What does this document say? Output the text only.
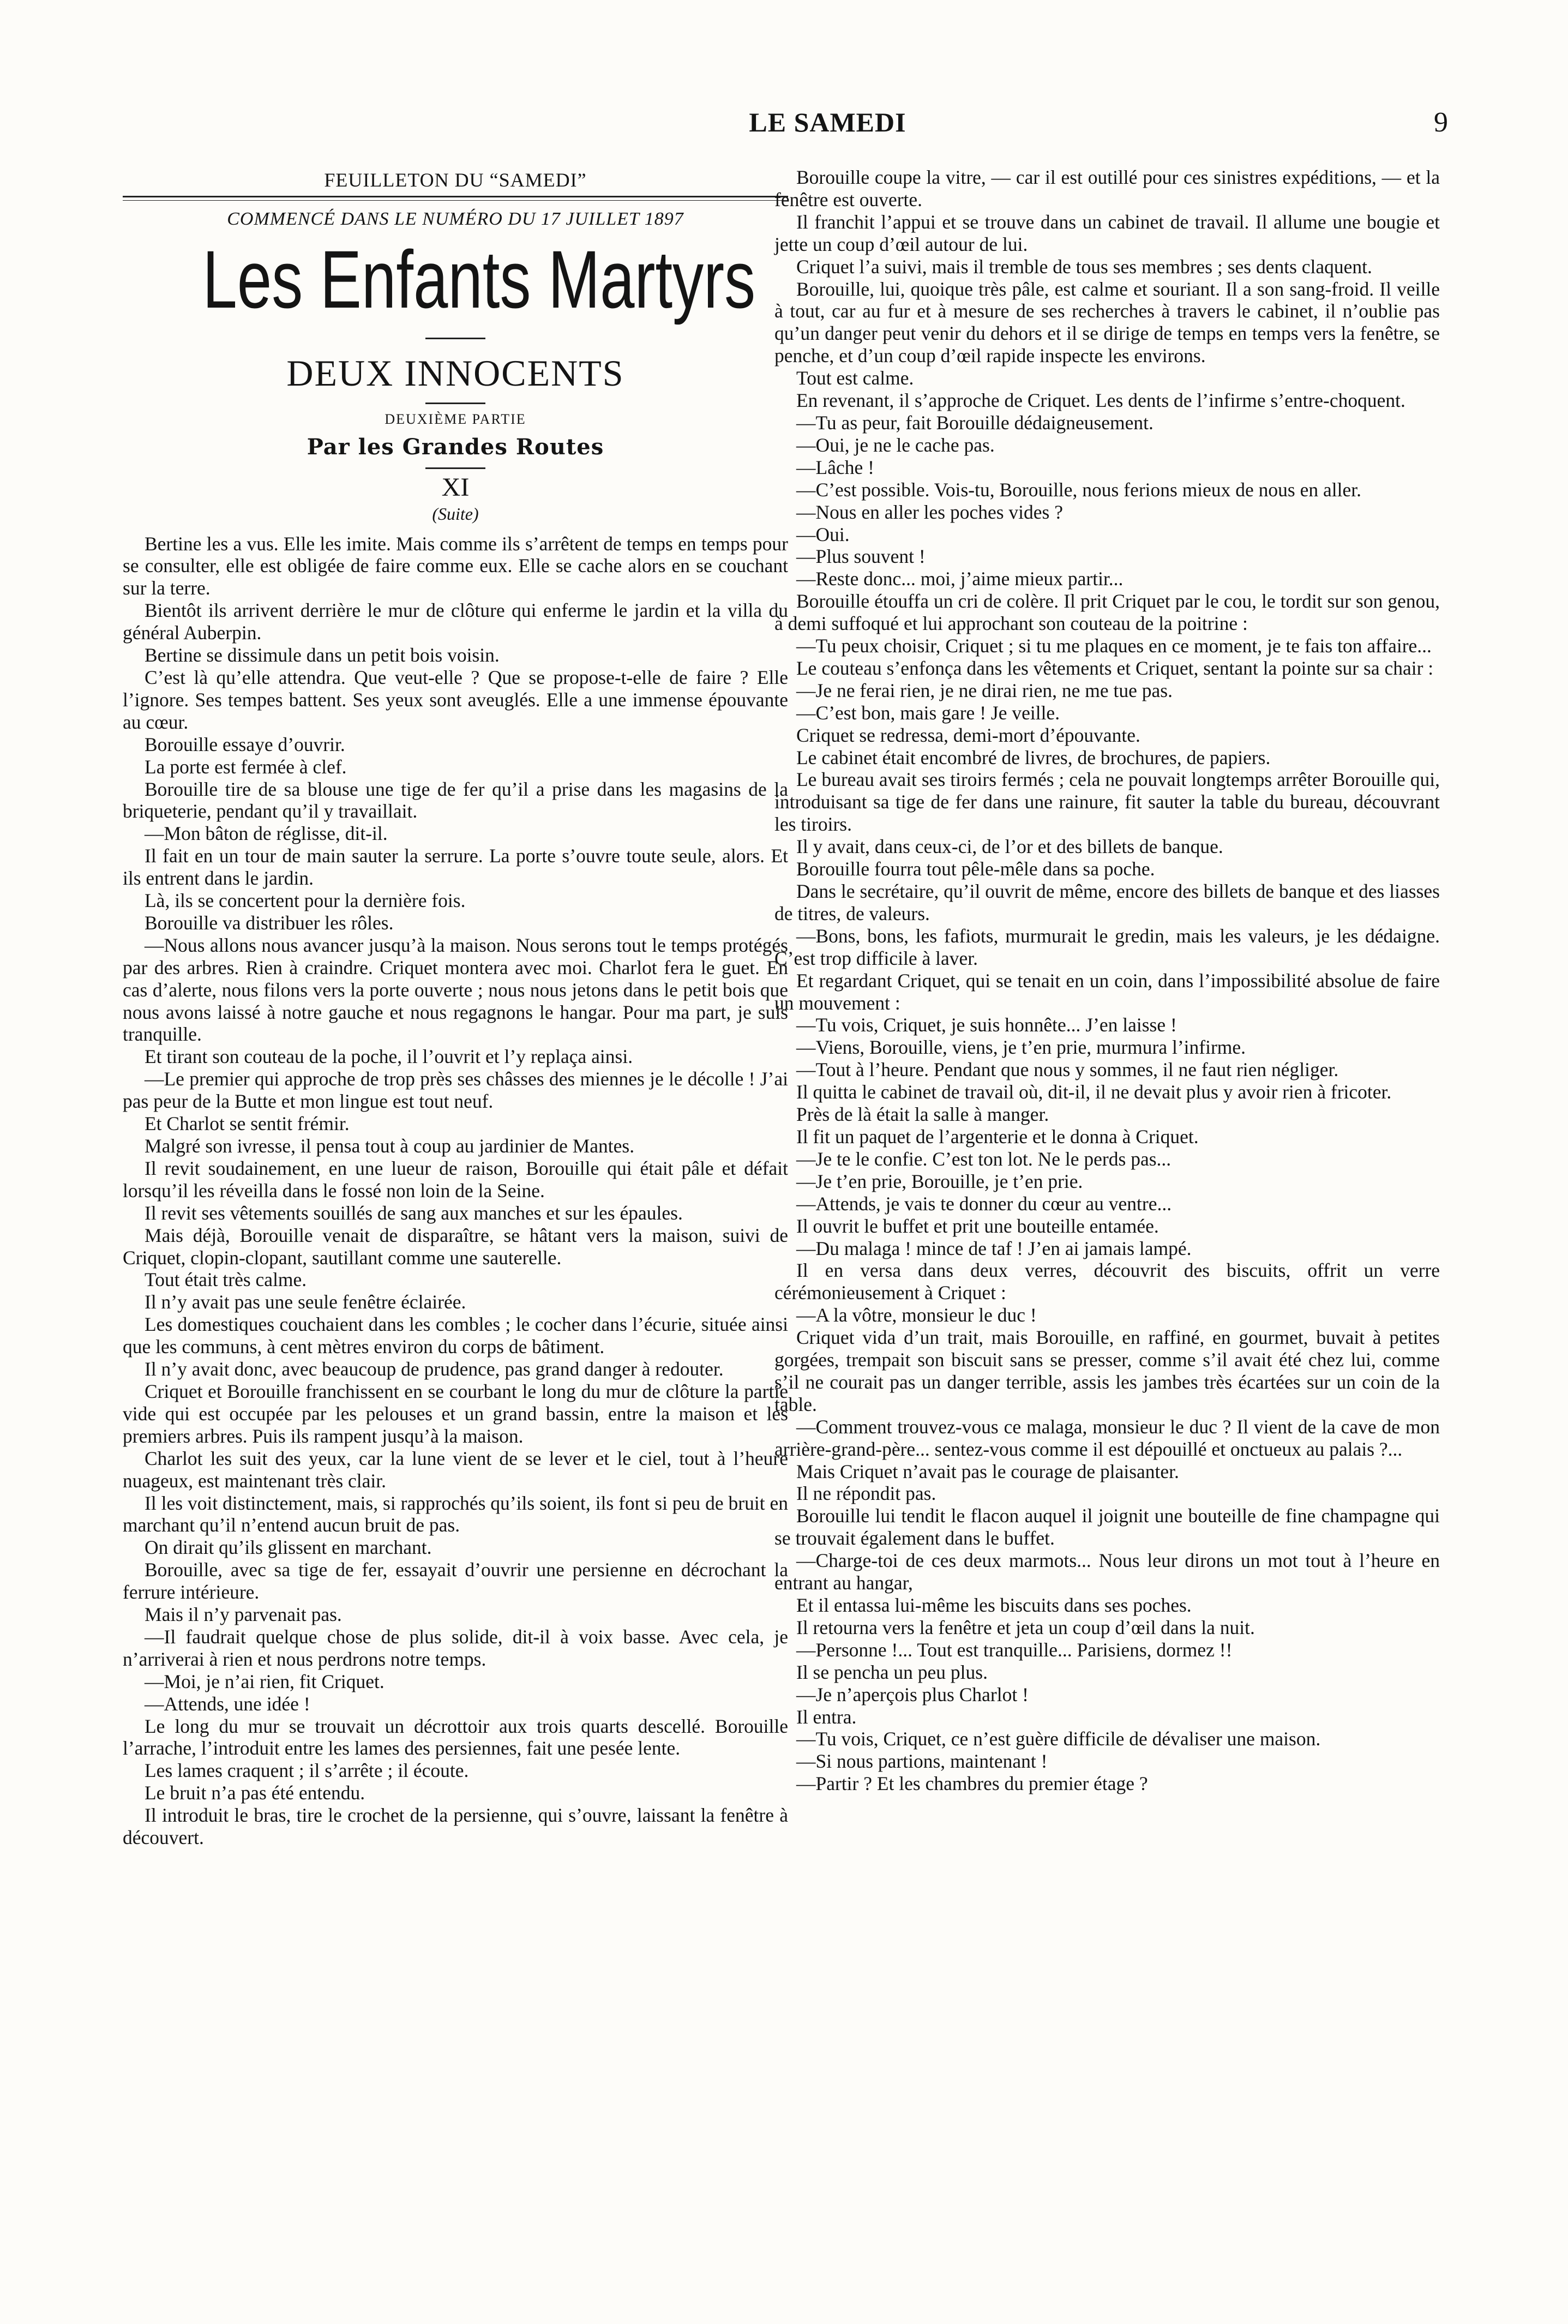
LE SAMEDI	9
FEUILLETON DU “SAMEDI”
COMMENCÉ DANS LE NUMÉRO DU 17 JUILLET 1897
Les Enfants Martyrs
DEUX INNOCENTS
DEUXIÈME PARTIE
Par les Grandes Routes
XI
(Suite)

Bertine les a vus. Elle les imite. Mais comme ils s’arrêtent de temps en temps pour se consulter, elle est obligée de faire comme eux. Elle se cache alors en se couchant sur la terre.

Bientôt ils arrivent derrière le mur de clôture qui enferme le jardin et la villa du général Auberpin.

Bertine se dissimule dans un petit bois voisin.

C’est là qu’elle attendra. Que veut-elle ? Que se propose-t-elle de faire ? Elle l’ignore. Ses tempes battent. Ses yeux sont aveuglés. Elle a une immense épouvante au cœur.

Borouille essaye d’ouvrir.

La porte est fermée à clef.

Borouille tire de sa blouse une tige de fer qu’il a prise dans les magasins de la briqueterie, pendant qu’il y travaillait.

—Mon bâton de réglisse, dit-il.

Il fait en un tour de main sauter la serrure. La porte s’ouvre toute seule, alors. Et ils entrent dans le jardin.

Là, ils se concertent pour la dernière fois.

Borouille va distribuer les rôles.

—Nous allons nous avancer jusqu’à la maison. Nous serons tout le temps protégés par des arbres. Rien à craindre. Criquet montera avec moi. Charlot fera le guet. En cas d’alerte, nous filons vers la porte ouverte ; nous nous jetons dans le petit bois que nous avons laissé à notre gauche et nous regagnons le hangar. Pour ma part, je suis tranquille.

Et tirant son couteau de la poche, il l’ouvrit et l’y replaça ainsi.

—Le premier qui approche de trop près ses châsses des miennes je le décolle ! J’ai pas peur de la Butte et mon lingue est tout neuf.

Et Charlot se sentit frémir.

Malgré son ivresse, il pensa tout à coup au jardinier de Mantes.

Il revit soudainement, en une lueur de raison, Borouille qui était pâle et défait lorsqu’il les réveilla dans le fossé non loin de la Seine.

Il revit ses vêtements souillés de sang aux manches et sur les épaules.

Mais déjà, Borouille venait de disparaître, se hâtant vers la maison, suivi de Criquet, clopin-clopant, sautillant comme une sauterelle.

Tout était très calme.

Il n’y avait pas une seule fenêtre éclairée.

Les domestiques couchaient dans les combles ; le cocher dans l’écurie, située ainsi que les communs, à cent mètres environ du corps de bâtiment.

Il n’y avait donc, avec beaucoup de prudence, pas grand danger à redouter.

Criquet et Borouille franchissent en se courbant le long du mur de clôture la partie vide qui est occupée par les pelouses et un grand bassin, entre la maison et les premiers arbres. Puis ils rampent jusqu’à la maison.

Charlot les suit des yeux, car la lune vient de se lever et le ciel, tout à l’heure nuageux, est maintenant très clair.

Il les voit distinctement, mais, si rapprochés qu’ils soient, ils font si peu de bruit en marchant qu’il n’entend aucun bruit de pas.

On dirait qu’ils glissent en marchant.

Borouille, avec sa tige de fer, essayait d’ouvrir une persienne en décrochant la ferrure intérieure.

Mais il n’y parvenait pas.

—Il faudrait quelque chose de plus solide, dit-il à voix basse. Avec cela, je n’arriverai à rien et nous perdrons notre temps.

—Moi, je n’ai rien, fit Criquet.

—Attends, une idée !

Le long du mur se trouvait un décrottoir aux trois quarts descellé. Borouille l’arrache, l’introduit entre les lames des persiennes, fait une pesée lente.

Les lames craquent ; il s’arrête ; il écoute.

Le bruit n’a pas été entendu.

Il introduit le bras, tire le crochet de la persienne, qui s’ouvre, laissant la fenêtre à découvert.

Borouille coupe la vitre, — car il est outillé pour ces sinistres expéditions, — et la fenêtre est ouverte.

Il franchit l’appui et se trouve dans un cabinet de travail. Il allume une bougie et jette un coup d’œil autour de lui.

Criquet l’a suivi, mais il tremble de tous ses membres ; ses dents claquent.

Borouille, lui, quoique très pâle, est calme et souriant. Il a son sang-froid. Il veille à tout, car au fur et à mesure de ses recherches à travers le cabinet, il n’oublie pas qu’un danger peut venir du dehors et il se dirige de temps en temps vers la fenêtre, se penche, et d’un coup d’œil rapide inspecte les environs.

Tout est calme.

En revenant, il s’approche de Criquet. Les dents de l’infirme s’entre-choquent.

—Tu as peur, fait Borouille dédaigneusement.

—Oui, je ne le cache pas.

—Lâche !

—C’est possible. Vois-tu, Borouille, nous ferions mieux de nous en aller.

—Nous en aller les poches vides ?

—Oui.

—Plus souvent !

—Reste donc... moi, j’aime mieux partir...

Borouille étouffa un cri de colère. Il prit Criquet par le cou, le tordit sur son genou, à demi suffoqué et lui approchant son couteau de la poitrine :

—Tu peux choisir, Criquet ; si tu me plaques en ce moment, je te fais ton affaire...

Le couteau s’enfonça dans les vêtements et Criquet, sentant la pointe sur sa chair :

—Je ne ferai rien, je ne dirai rien, ne me tue pas.

—C’est bon, mais gare ! Je veille.

Criquet se redressa, demi-mort d’épouvante.

Le cabinet était encombré de livres, de brochures, de papiers.

Le bureau avait ses tiroirs fermés ; cela ne pouvait longtemps arrêter Borouille qui, introduisant sa tige de fer dans une rainure, fit sauter la table du bureau, découvrant les tiroirs.

Il y avait, dans ceux-ci, de l’or et des billets de banque.

Borouille fourra tout pêle-mêle dans sa poche.

Dans le secrétaire, qu’il ouvrit de même, encore des billets de banque et des liasses de titres, de valeurs.

—Bons, bons, les fafiots, murmurait le gredin, mais les valeurs, je les dédaigne. C’est trop difficile à laver.

Et regardant Criquet, qui se tenait en un coin, dans l’impossibilité absolue de faire un mouvement :

—Tu vois, Criquet, je suis honnête... J’en laisse !

—Viens, Borouille, viens, je t’en prie, murmura l’infirme.

—Tout à l’heure. Pendant que nous y sommes, il ne faut rien négliger.

Il quitta le cabinet de travail où, dit-il, il ne devait plus y avoir rien à fricoter.

Près de là était la salle à manger.

Il fit un paquet de l’argenterie et le donna à Criquet.

—Je te le confie. C’est ton lot. Ne le perds pas...

—Je t’en prie, Borouille, je t’en prie.

—Attends, je vais te donner du cœur au ventre...

Il ouvrit le buffet et prit une bouteille entamée.

—Du malaga ! mince de taf ! J’en ai jamais lampé.

Il en versa dans deux verres, découvrit des biscuits, offrit un verre cérémonieusement à Criquet :

—A la vôtre, monsieur le duc !

Criquet vida d’un trait, mais Borouille, en raffiné, en gourmet, buvait à petites gorgées, trempait son biscuit sans se presser, comme s’il avait été chez lui, comme s’il ne courait pas un danger terrible, assis les jambes très écartées sur un coin de la table.

—Comment trouvez-vous ce malaga, monsieur le duc ? Il vient de la cave de mon arrière-grand-père... sentez-vous comme il est dépouillé et onctueux au palais ?...

Mais Criquet n’avait pas le courage de plaisanter.

Il ne répondit pas.

Borouille lui tendit le flacon auquel il joignit une bouteille de fine champagne qui se trouvait également dans le buffet.

—Charge-toi de ces deux marmots... Nous leur dirons un mot tout à l’heure en entrant au hangar,

Et il entassa lui-même les biscuits dans ses poches.

Il retourna vers la fenêtre et jeta un coup d’œil dans la nuit.

—Personne !... Tout est tranquille... Parisiens, dormez !!

Il se pencha un peu plus.

—Je n’aperçois plus Charlot !

Il entra.

—Tu vois, Criquet, ce n’est guère difficile de dévaliser une maison.

—Si nous partions, maintenant !

—Partir ? Et les chambres du premier étage ?
